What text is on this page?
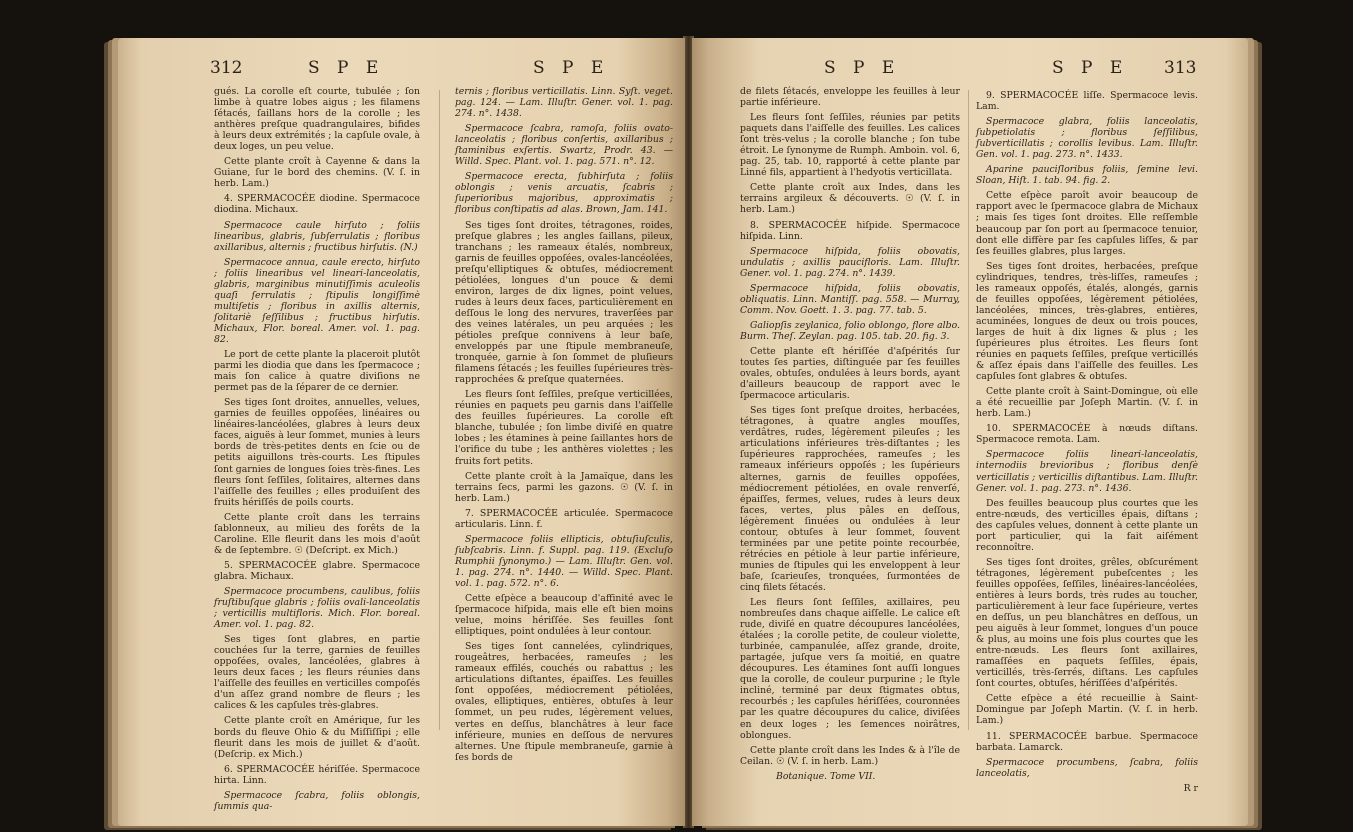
312	S P E	S P E

gués. La corolle eſt courte, tubulée ; ſon limbe à quatre lobes aigus ; les filamens ſétacés, ſaillans hors de la corolle ; les anthères preſque quadrangulaires, bifides à leurs deux extrémités ; la capſule ovale, à deux loges, un peu velue.

Cette plante croît à Cayenne & dans la Guiane, ſur le bord des chemins. (V. ſ. in herb. Lam.)

4. SPERMACOCÉE diodine. Spermacoce diodina. Michaux.

Spermacoce caule hirſuto ; foliis linearibus, glabris, ſubſerrulatis ; floribus axillaribus, alternis ; fructibus hirſutis. (N.)

Spermacoce annua, caule erecto, hirſuto ; foliis linearibus vel lineari-lanceolatis, glabris, marginibus minutiſſimis aculeolis quaſi ſerrulatis ; ſtipulis longiſſimè multiſetis ; floribus in axillis alternis, ſolitariè ſeſſilibus ; fructibus hirſutis. Michaux, Flor. boreal. Amer. vol. 1. pag. 82.

Le port de cette plante la placeroit plutôt parmi les diodia que dans les ſpermacoce ; mais ſon calice à quatre diviſions ne permet pas de la ſéparer de ce dernier.

Ses tiges ſont droites, annuelles, velues, garnies de feuilles oppoſées, linéaires ou linéaires-lancéolées, glabres à leurs deux faces, aiguës à leur ſommet, munies à leurs bords de très-petites dents en ſcie ou de petits aiguillons très-courts. Les ſtipules ſont garnies de longues ſoies très-fines. Les fleurs ſont ſeſſiles, ſolitaires, alternes dans l'aiſſelle des feuilles ; elles produiſent des fruits hériſſés de poils courts.

Cette plante croît dans les terrains ſablonneux, au milieu des forêts de la Caroline. Elle fleurit dans les mois d'août & de ſeptembre. ☉ (Deſcript. ex Mich.)

5. SPERMACOCÉE glabre. Spermacoce glabra. Michaux.

Spermacoce procumbens, caulibus, foliis fruſtibuſque glabris ; foliis ovali-lanceolatis ; verticillis multifloris. Mich. Flor. boreal. Amer. vol. 1. pag. 82.

Ses tiges ſont glabres, en partie couchées ſur la terre, garnies de feuilles oppoſées, ovales, lancéolées, glabres à leurs deux faces ; les fleurs réunies dans l'aiſſelle des feuilles en verticilles compoſés d'un aſſez grand nombre de fleurs ; les calices & les capſules très-glabres.

Cette plante croît en Amérique, ſur les bords du fleuve Ohio & du Miſſiſſipi ; elle fleurit dans les mois de juillet & d'août. (Deſcrip. ex Mich.)

6. SPERMACOCÉE hériſſée. Spermacoce hirta. Linn.

Spermacoce ſcabra, foliis oblongis, ſummis qua-

ternis ; floribus verticillatis. Linn. Syſt. veget. pag. 124. — Lam. Illuſtr. Gener. vol. 1. pag. 274. n°. 1438.

Spermacoce ſcabra, ramoſa, foliis ovato-lanceolatis ; floribus conſertis, axillaribus ; ſtaminibus exſertis. Swartz, Prodr. 43. — Willd. Spec. Plant. vol. 1. pag. 571. n°. 12.

Spermacoce erecta, ſubhirſuta ; foliis oblongis ; venis arcuatis, ſcabris ; ſuperioribus majoribus, approximatis ; floribus conſtipatis ad alas. Brown, Jam. 141.

Ses tiges ſont droites, tétragones, roides, preſque glabres ; les angles ſaillans, pileux, tranchans ; les rameaux étalés, nombreux, garnis de feuilles oppoſées, ovales-lancéolées, preſqu'elliptiques & obtuſes, médiocrement pétiolées, longues d'un pouce & demi environ, larges de dix lignes, point velues, rudes à leurs deux faces, particulièrement en deſſous le long des nervures, traverſées par des veines latérales, un peu arquées ; les pétioles preſque connivens à leur baſe, enveloppés par une ſtipule membraneuſe, tronquée, garnie à ſon ſommet de pluſieurs filamens ſétacés ; les feuilles ſupérieures très-rapprochées & preſque quaternées.

Les fleurs ſont ſeſſiles, preſque verticillées, réunies en paquets peu garnis dans l'aiſſelle des feuilles ſupérieures. La corolle eſt blanche, tubulée ; ſon limbe diviſé en quatre lobes ; les étamines à peine ſaillantes hors de l'orifice du tube ; les anthères violettes ; les fruits fort petits.

Cette plante croît à la Jamaïque, dans les terrains ſecs, parmi les gazons. ☉ (V. ſ. in herb. Lam.)

7. SPERMACOCÉE articulée. Spermacoce articularis. Linn. f.

Spermacoce foliis ellipticis, obtuſiuſculis, ſubſcabris. Linn. f. Suppl. pag. 119. (Excluſo Rumphii ſynonymo.) — Lam. Illuſtr. Gen. vol. 1. pag. 274. n°. 1440. — Willd. Spec. Plant. vol. 1. pag. 572. n°. 6.

Cette eſpèce a beaucoup d'affinité avec le ſpermacoce hiſpida, mais elle eſt bien moins velue, moins hériſſée. Ses feuilles ſont elliptiques, point ondulées à leur contour.

Ses tiges ſont cannelées, cylindriques, rougeâtres, herbacées, rameuſes ; les rameaux effilés, couchés ou rabattus ; les articulations diſtantes, épaiſſes. Les feuilles ſont oppoſées, médiocrement pétiolées, ovales, elliptiques, entières, obtuſes à leur ſommet, un peu rudes, légèrement velues, vertes en deſſus, blanchâtres à leur face inférieure, munies en deſſous de nervures alternes. Une ſtipule membraneuſe, garnie à ſes bords de

S P E	S P E 313

de filets ſétacés, enveloppe les feuilles à leur partie inférieure.

Les fleurs ſont ſeſſiles, réunies par petits paquets dans l'aiſſelle des feuilles. Les calices ſont très-velus ; la corolle blanche ; ſon tube étroit. Le ſynonyme de Rumph. Amboin. vol. 6, pag. 25, tab. 10, rapporté à cette plante par Linné fils, appartient à l'hedyotis verticillata.

Cette plante croît aux Indes, dans les terrains argileux & découverts. ☉ (V. ſ. in herb. Lam.)

8. SPERMACOCÉE hiſpide. Spermacoce hiſpida. Linn.

Spermacoce hiſpida, foliis obovatis, undulatis ; axillis paucifloris. Lam. Illuſtr. Gener. vol. 1. pag. 274. n°. 1439.

Spermacoce hiſpida, foliis obovatis, obliquatis. Linn. Mantiſſ. pag. 558. — Murray, Comm. Nov. Goett. 1. 3. pag. 77. tab. 5.

Galiopſis zeylanica, folio oblongo, flore albo. Burm. Theſ. Zeylan. pag. 105. tab. 20. fig. 3.

Cette plante eſt hériſſée d'aſpérités ſur toutes ſes parties, diſtinguée par ſes feuilles ovales, obtuſes, ondulées à leurs bords, ayant d'ailleurs beaucoup de rapport avec le ſpermacoce articularis.

Ses tiges ſont preſque droites, herbacées, tétragones, à quatre angles mouſſes, verdâtres, rudes, légèrement pileuſes ; les articulations inférieures très-diſtantes ; les ſupérieures rapprochées, rameuſes ; les rameaux inférieurs oppoſés ; les ſupérieurs alternes, garnis de feuilles oppoſées, médiocrement pétiolées, en ovale renverſé, épaiſſes, fermes, velues, rudes à leurs deux faces, vertes, plus pâles en deſſous, légèrement ſinuées ou ondulées à leur contour, obtuſes à leur ſommet, ſouvent terminées par une petite pointe recourbée, rétrécies en pétiole à leur partie inférieure, munies de ſtipules qui les enveloppent à leur baſe, ſcarieuſes, tronquées, ſurmontées de cinq filets ſétacés.

Les fleurs ſont ſeſſiles, axillaires, peu nombreuſes dans chaque aiſſelle. Le calice eſt rude, diviſé en quatre découpures lancéolées, étalées ; la corolle petite, de couleur violette, turbinée, campanulée, aſſez grande, droite, partagée, juſque vers ſa moitié, en quatre découpures. Les étamines ſont auſſi longues que la corolle, de couleur purpurine ; le ſtyle incliné, terminé par deux ſtigmates obtus, recourbés ; les capſules hériſſées, couronnées par les quatre découpures du calice, diviſées en deux loges ; les ſemences noirâtres, oblongues.

Cette plante croît dans les Indes & à l'île de Ceilan. ☉ (V. ſ. in herb. Lam.)

Botanique. Tome VII.

9. SPERMACOCÉE liſſe. Spermacoce levis. Lam.

Spermacoce glabra, foliis lanceolatis, ſubpetiolatis ; floribus ſeſſilibus, ſubverticillatis ; corollis levibus. Lam. Illuſtr. Gen. vol. 1. pag. 273. n°. 1433.

Aparine pauciſloribus foliis, ſemine levi. Sloan, Hiſt. 1. tab. 94. fig. 2.

Cette eſpèce paroît avoir beaucoup de rapport avec le ſpermacoce glabra de Michaux ; mais ſes tiges ſont droites. Elle reſſemble beaucoup par ſon port au ſpermacoce tenuior, dont elle diffère par ſes capſules liſſes, & par ſes feuilles glabres, plus larges.

Ses tiges ſont droites, herbacées, preſque cylindriques, tendres, très-liſſes, rameuſes ; les rameaux oppoſés, étalés, alongés, garnis de feuilles oppoſées, légèrement pétiolées, lancéolées, minces, très-glabres, entières, acuminées, longues de deux ou trois pouces, larges de huit à dix lignes & plus ; les ſupérieures plus étroites. Les fleurs ſont réunies en paquets ſeſſiles, preſque verticillés & aſſez épais dans l'aiſſelle des feuilles. Les capſules ſont glabres & obtuſes.

Cette plante croît à Saint-Domingue, où elle a été recueillie par Joſeph Martin. (V. ſ. in herb. Lam.)

10. SPERMACOCÉE à nœuds diſtans. Spermacoce remota. Lam.

Spermacoce foliis lineari-lanceolatis, internodiis brevioribus ; floribus denſè verticillatis ; verticillis diſtantibus. Lam. Illuſtr. Gener. vol. 1. pag. 273. n°. 1436.

Des feuilles beaucoup plus courtes que les entre-nœuds, des verticilles épais, diſtans ; des capſules velues, donnent à cette plante un port particulier, qui la fait aiſément reconnoître.

Ses tiges ſont droites, grêles, obſcurément tétragones, légèrement pubeſcentes ; les feuilles oppoſées, ſeſſiles, linéaires-lancéolées, entières à leurs bords, très rudes au toucher, particulièrement à leur face ſupérieure, vertes en deſſus, un peu blanchâtres en deſſous, un peu aiguës à leur ſommet, longues d'un pouce & plus, au moins une fois plus courtes que les entre-nœuds. Les fleurs ſont axillaires, ramaſſées en paquets ſeſſiles, épais, verticillés, très-ſerrés, diſtans. Les capſules ſont courtes, obtuſes, hériſſées d'aſpérités.

Cette eſpèce a été recueillie à Saint-Domingue par Joſeph Martin. (V. ſ. in herb. Lam.)

11. SPERMACOCÉE barbue. Spermacoce barbata. Lamarck.

Spermacoce procumbens, ſcabra, foliis lanceolatis,

R r
